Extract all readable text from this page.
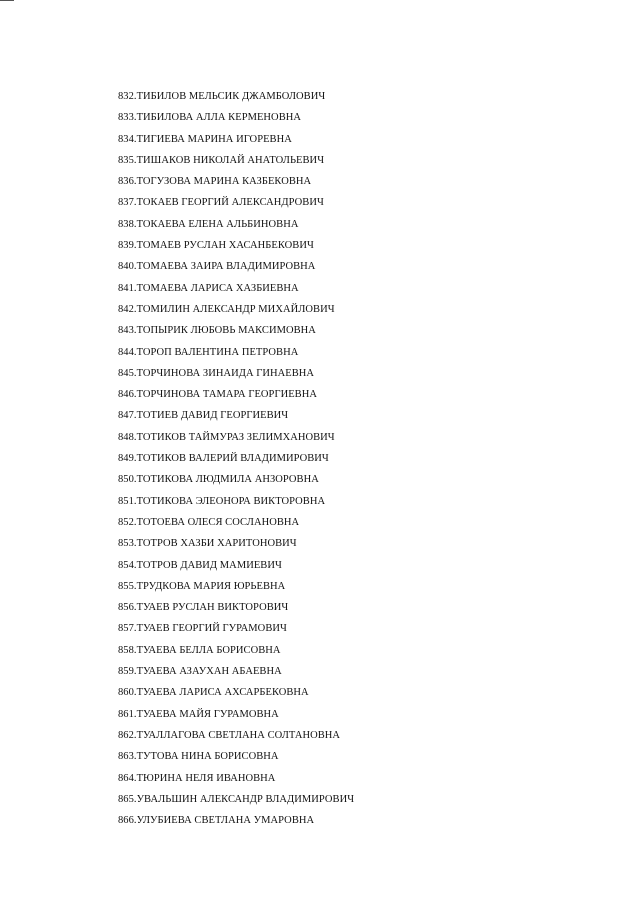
832.ТИБИЛОВ МЕЛЬСИК ДЖАМБОЛОВИЧ
833.ТИБИЛОВА АЛЛА КЕРМЕНОВНА
834.ТИГИЕВА МАРИНА ИГОРЕВНА
835.ТИШАКОВ НИКОЛАЙ АНАТОЛЬЕВИЧ
836.ТОГУЗОВА МАРИНА КАЗБЕКОВНА
837.ТОКАЕВ ГЕОРГИЙ АЛЕКСАНДРОВИЧ
838.ТОКАЕВА ЕЛЕНА АЛЬБИНОВНА
839.ТОМАЕВ РУСЛАН ХАСАНБЕКОВИЧ
840.ТОМАЕВА ЗАИРА ВЛАДИМИРОВНА
841.ТОМАЕВА ЛАРИСА ХАЗБИЕВНА
842.ТОМИЛИН АЛЕКСАНДР МИХАЙЛОВИЧ
843.ТОПЫРИК ЛЮБОВЬ МАКСИМОВНА
844.ТОРОП ВАЛЕНТИНА ПЕТРОВНА
845.ТОРЧИНОВА ЗИНАИДА ГИНАЕВНА
846.ТОРЧИНОВА ТАМАРА ГЕОРГИЕВНА
847.ТОТИЕВ ДАВИД ГЕОРГИЕВИЧ
848.ТОТИКОВ ТАЙМУРАЗ ЗЕЛИМХАНОВИЧ
849.ТОТИКОВ ВАЛЕРИЙ ВЛАДИМИРОВИЧ
850.ТОТИКОВА ЛЮДМИЛА АНЗОРОВНА
851.ТОТИКОВА ЭЛЕОНОРА ВИКТОРОВНА
852.ТОТОЕВА ОЛЕСЯ СОСЛАНОВНА
853.ТОТРОВ ХАЗБИ ХАРИТОНОВИЧ
854.ТОТРОВ ДАВИД МАМИЕВИЧ
855.ТРУДКОВА МАРИЯ ЮРЬЕВНА
856.ТУАЕВ РУСЛАН ВИКТОРОВИЧ
857.ТУАЕВ ГЕОРГИЙ ГУРАМОВИЧ
858.ТУАЕВА БЕЛЛА БОРИСОВНА
859.ТУАЕВА АЗАУХАН АБАЕВНА
860.ТУАЕВА ЛАРИСА АХСАРБЕКОВНА
861.ТУАЕВА МАЙЯ ГУРАМОВНА
862.ТУАЛЛАГОВА СВЕТЛАНА СОЛТАНОВНА
863.ТУТОВА НИНА БОРИСОВНА
864.ТЮРИНА НЕЛЯ ИВАНОВНА
865.УВАЛЬШИН АЛЕКСАНДР ВЛАДИМИРОВИЧ
866.УЛУБИЕВА СВЕТЛАНА УМАРОВНА
